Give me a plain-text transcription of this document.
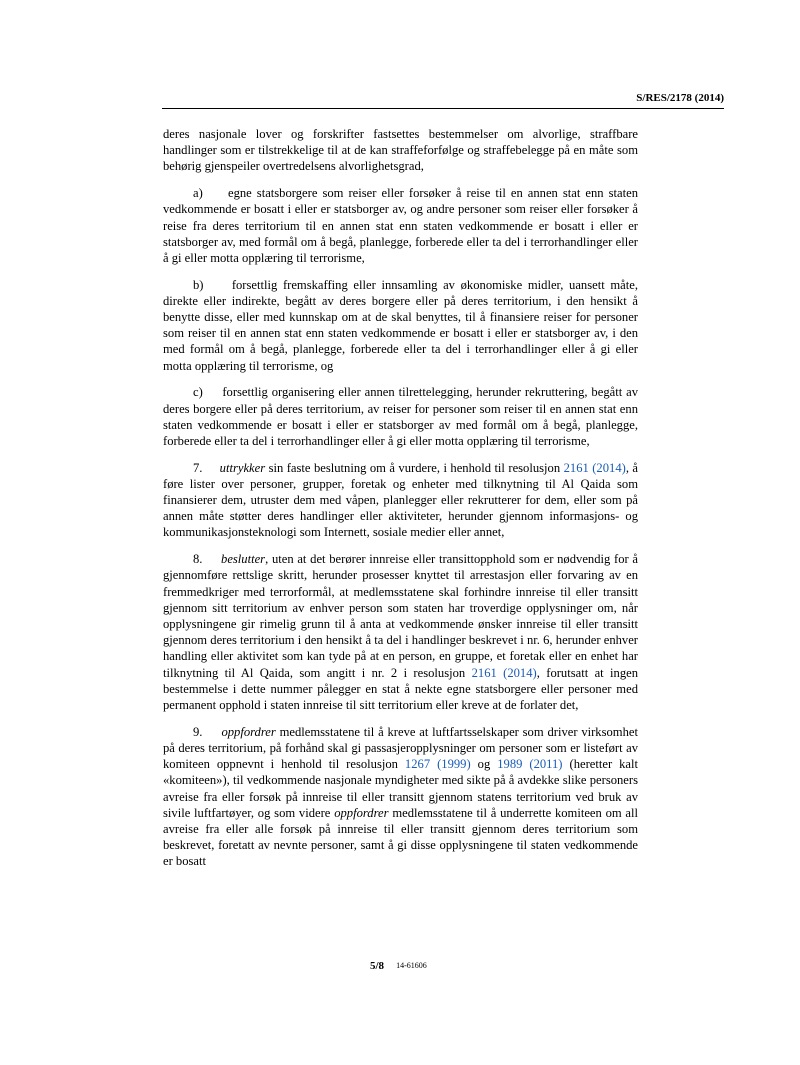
S/RES/2178 (2014)

deres nasjonale lover og forskrifter fastsettes bestemmelser om alvorlige, straffbare handlinger som er tilstrekkelige til at de kan straffeforfølge og straffebelegge på en måte som behørig gjenspeiler overtredelsens alvorlighetsgrad,

a) egne statsborgere som reiser eller forsøker å reise til en annen stat enn staten vedkommende er bosatt i eller er statsborger av, og andre personer som reiser eller forsøker å reise fra deres territorium til en annen stat enn staten vedkommende er bosatt i eller er statsborger av, med formål om å begå, planlegge, forberede eller ta del i terrorhandlinger eller å gi eller motta opplæring til terrorisme,

b) forsettlig fremskaffing eller innsamling av økonomiske midler, uansett måte, direkte eller indirekte, begått av deres borgere eller på deres territorium, i den hensikt å benytte disse, eller med kunnskap om at de skal benyttes, til å finansiere reiser for personer som reiser til en annen stat enn staten vedkommende er bosatt i eller er statsborger av, i den med formål om å begå, planlegge, forberede eller ta del i terrorhandlinger eller å gi eller motta opplæring til terrorisme, og

c) forsettlig organisering eller annen tilrettelegging, herunder rekruttering, begått av deres borgere eller på deres territorium, av reiser for personer som reiser til en annen stat enn staten vedkommende er bosatt i eller er statsborger av med formål om å begå, planlegge, forberede eller ta del i terrorhandlinger eller å gi eller motta opplæring til terrorisme,

7. uttrykker sin faste beslutning om å vurdere, i henhold til resolusjon 2161 (2014), å føre lister over personer, grupper, foretak og enheter med tilknytning til Al Qaida som finansierer dem, utruster dem med våpen, planlegger eller rekrutterer for dem, eller som på annen måte støtter deres handlinger eller aktiviteter, herunder gjennom informasjons- og kommunikasjonsteknologi som Internett, sosiale medier eller annet,

8. beslutter, uten at det berører innreise eller transittopphold som er nødvendig for å gjennomføre rettslige skritt, herunder prosesser knyttet til arrestasjon eller forvaring av en fremmedkriger med terrorformål, at medlemsstatene skal forhindre innreise til eller transitt gjennom sitt territorium av enhver person som staten har troverdige opplysninger om, når opplysningene gir rimelig grunn til å anta at vedkommende ønsker innreise til eller transitt gjennom deres territorium i den hensikt å ta del i handlinger beskrevet i nr. 6, herunder enhver handling eller aktivitet som kan tyde på at en person, en gruppe, et foretak eller en enhet har tilknytning til Al Qaida, som angitt i nr. 2 i resolusjon 2161 (2014), forutsatt at ingen bestemmelse i dette nummer pålegger en stat å nekte egne statsborgere eller personer med permanent opphold i staten innreise til sitt territorium eller kreve at de forlater det,

9. oppfordrer medlemsstatene til å kreve at luftfartsselskaper som driver virksomhet på deres territorium, på forhånd skal gi passasjeropplysninger om personer som er listeført av komiteen oppnevnt i henhold til resolusjon 1267 (1999) og 1989 (2011) (heretter kalt «komiteen»), til vedkommende nasjonale myndigheter med sikte på å avdekke slike personers avreise fra eller forsøk på innreise til eller transitt gjennom statens territorium ved bruk av sivile luftfartøyer, og som videre oppfordrer medlemsstatene til å underrette komiteen om all avreise fra eller alle forsøk på innreise til eller transitt gjennom deres territorium som beskrevet, foretatt av nevnte personer, samt å gi disse opplysningene til staten vedkommende er bosatt

5/8 14-61606
